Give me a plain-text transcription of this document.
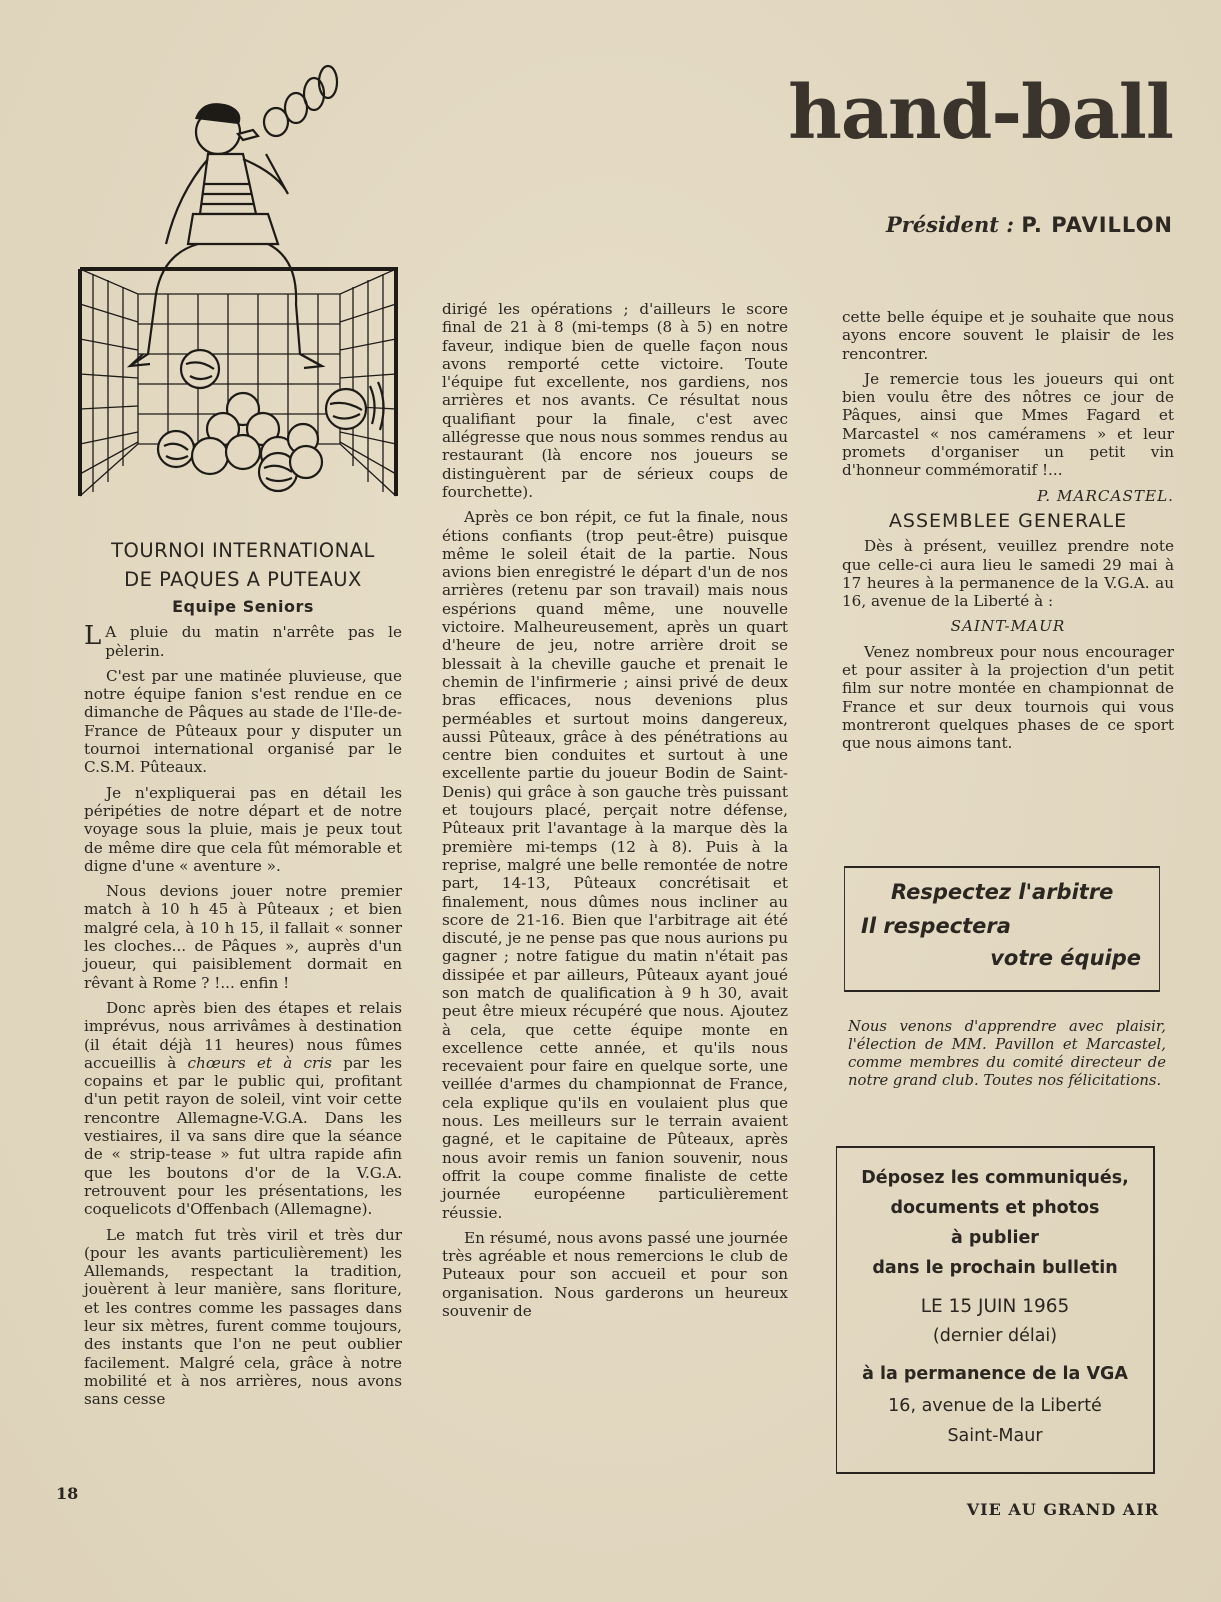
hand-ball
Président : P. PAVILLON

TOURNOI INTERNATIONAL

DE PAQUES A PUTEAUX

Equipe Seniors

L A pluie du matin n'arrête pas le pèlerin.

C'est par une matinée pluvieuse, que notre équipe fanion s'est rendue en ce dimanche de Pâques au stade de l'Ile-de-France de Pûteaux pour y disputer un tournoi international organisé par le C.S.M. Pûteaux.

Je n'expliquerai pas en détail les péripéties de notre départ et de notre voyage sous la pluie, mais je peux tout de même dire que cela fût mémorable et digne d'une « aventure ».

Nous devions jouer notre premier match à 10 h 45 à Pûteaux ; et bien malgré cela, à 10 h 15, il fallait « sonner les cloches... de Pâques », auprès d'un joueur, qui paisiblement dormait en rêvant à Rome ? !... enfin !

Donc après bien des étapes et relais imprévus, nous arrivâmes à destination (il était déjà 11 heures) nous fûmes accueillis à chœurs et à cris par les copains et par le public qui, profitant d'un petit rayon de soleil, vint voir cette rencontre Allemagne-V.G.A. Dans les vestiaires, il va sans dire que la séance de « strip-tease » fut ultra rapide afin que les boutons d'or de la V.G.A. retrouvent pour les présentations, les coquelicots d'Offenbach (Allemagne).

Le match fut très viril et très dur (pour les avants particulièrement) les Allemands, respectant la tradition, jouèrent à leur manière, sans floriture, et les contres comme les passages dans leur six mètres, furent comme toujours, des instants que l'on ne peut oublier facilement. Malgré cela, grâce à notre mobilité et à nos arrières, nous avons sans cesse

dirigé les opérations ; d'ailleurs le score final de 21 à 8 (mi-temps (8 à 5) en notre faveur, indique bien de quelle façon nous avons remporté cette victoire. Toute l'équipe fut excellente, nos gardiens, nos arrières et nos avants. Ce résultat nous qualifiant pour la finale, c'est avec allégresse que nous nous sommes rendus au restaurant (là encore nos joueurs se distinguèrent par de sérieux coups de fourchette).

Après ce bon répit, ce fut la finale, nous étions confiants (trop peut-être) puisque même le soleil était de la partie. Nous avions bien enregistré le départ d'un de nos arrières (retenu par son travail) mais nous espérions quand même, une nouvelle victoire. Malheureusement, après un quart d'heure de jeu, notre arrière droit se blessait à la cheville gauche et prenait le chemin de l'infirmerie ; ainsi privé de deux bras efficaces, nous devenions plus perméables et surtout moins dangereux, aussi Pûteaux, grâce à des pénétrations au centre bien conduites et surtout à une excellente partie du joueur Bodin de Saint-Denis) qui grâce à son gauche très puissant et toujours placé, perçait notre défense, Pûteaux prit l'avantage à la marque dès la première mi-temps (12 à 8). Puis à la reprise, malgré une belle remontée de notre part, 14-13, Pûteaux concrétisait et finalement, nous dûmes nous incliner au score de 21-16. Bien que l'arbitrage ait été discuté, je ne pense pas que nous aurions pu gagner ; notre fatigue du matin n'était pas dissipée et par ailleurs, Pûteaux ayant joué son match de qualification à 9 h 30, avait peut être mieux récupéré que nous. Ajoutez à cela, que cette équipe monte en excellence cette année, et qu'ils nous recevaient pour faire en quelque sorte, une veillée d'armes du championnat de France, cela explique qu'ils en voulaient plus que nous. Les meilleurs sur le terrain avaient gagné, et le capitaine de Pûteaux, après nous avoir remis un fanion souvenir, nous offrit la coupe comme finaliste de cette journée européenne particulièrement réussie.

En résumé, nous avons passé une journée très agréable et nous remercions le club de Puteaux pour son accueil et pour son organisation. Nous garderons un heureux souvenir de

cette belle équipe et je souhaite que nous ayons encore souvent le plaisir de les rencontrer.

Je remercie tous les joueurs qui ont bien voulu être des nôtres ce jour de Pâques, ainsi que Mmes Fagard et Marcastel « nos caméramens » et leur promets d'organiser un petit vin d'honneur commémoratif !...

P. MARCASTEL.

ASSEMBLEE GENERALE

Dès à présent, veuillez prendre note que celle-ci aura lieu le samedi 29 mai à 17 heures à la permanence de la V.G.A. au 16, avenue de la Liberté à :

SAINT-MAUR

Venez nombreux pour nous encourager et pour assiter à la projection d'un petit film sur notre montée en championnat de France et sur deux tournois qui vous montreront quelques phases de ce sport que nous aimons tant.

Respectez l'arbitre
Il respectera
votre équipe
Nous venons d'apprendre avec plaisir, l'élection de MM. Pavillon et Marcastel, comme membres du comité directeur de notre grand club. Toutes nos félicitations.
Déposez les communiqués,
documents et photos
à publier
dans le prochain bulletin
LE 15 JUIN 1965
(dernier délai)
à la permanence de la VGA
16, avenue de la Liberté
Saint-Maur
18
VIE AU GRAND AIR
